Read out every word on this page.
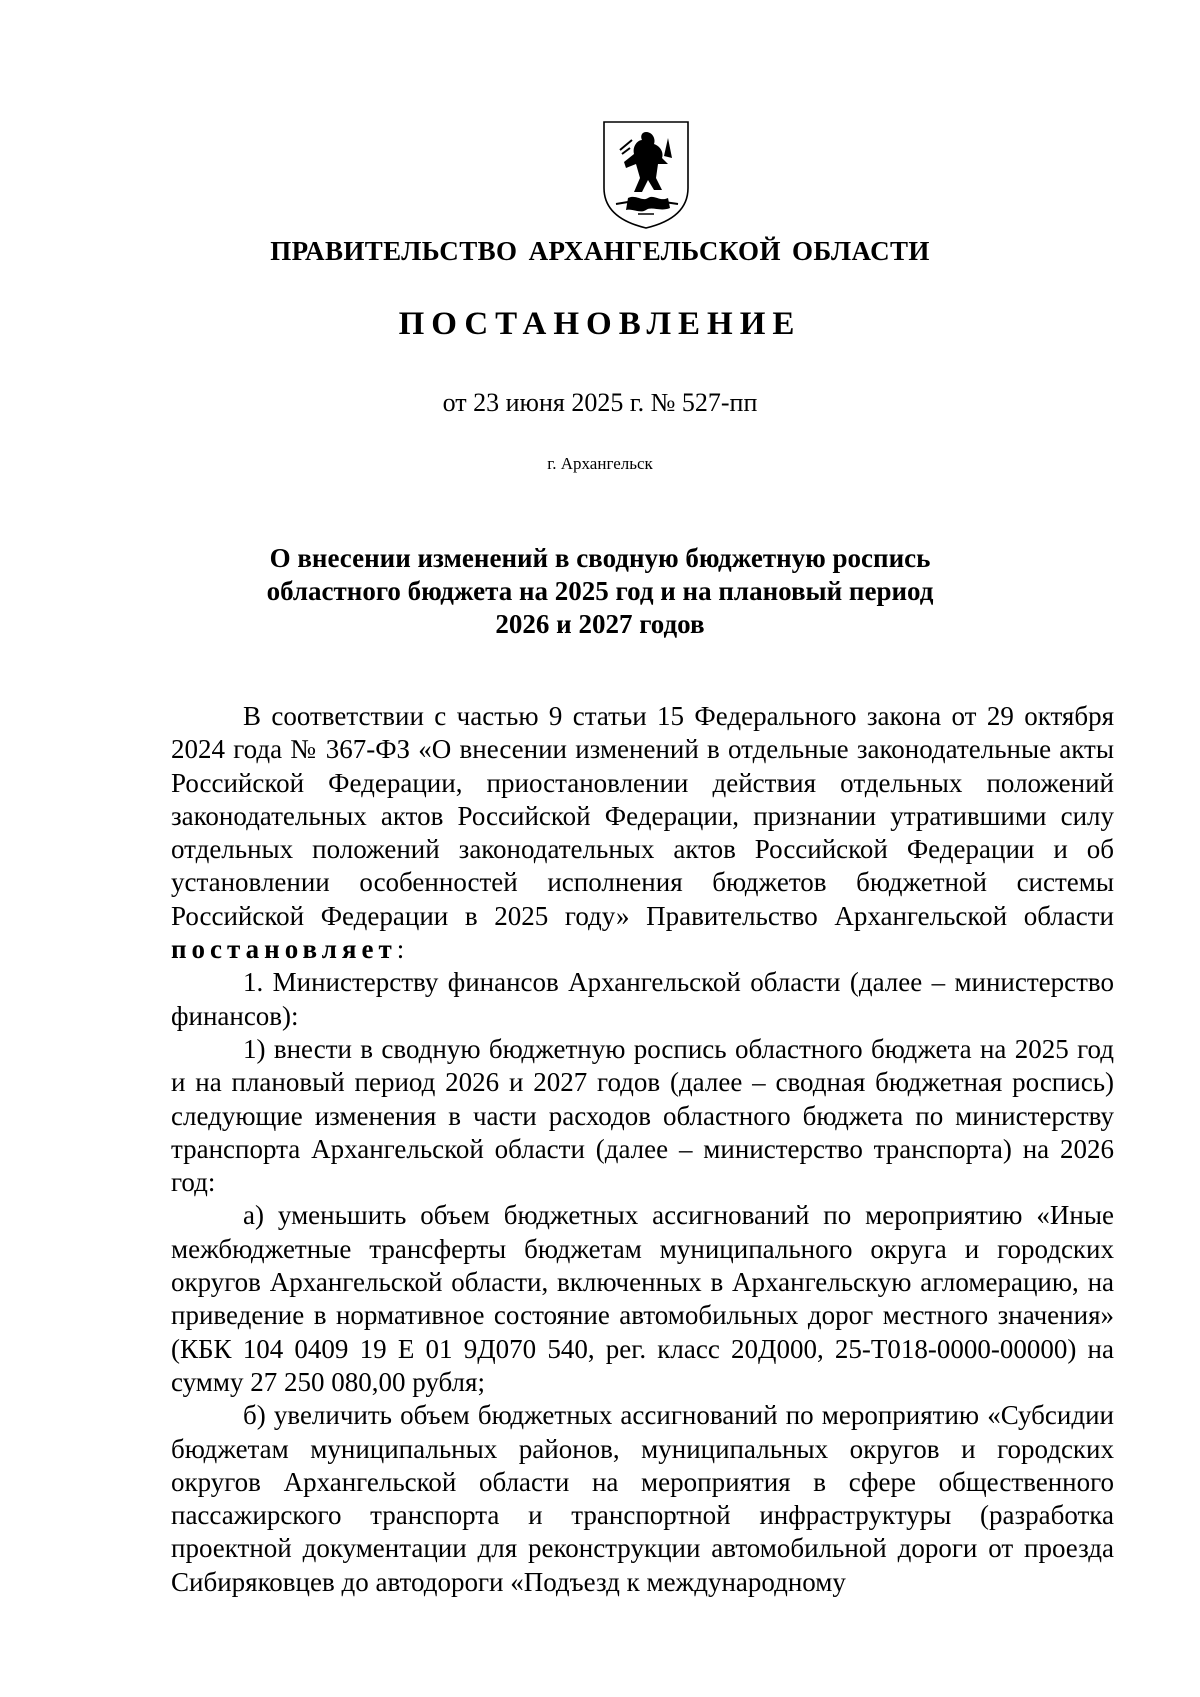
ПРАВИТЕЛЬСТВО АРХАНГЕЛЬСКОЙ ОБЛАСТИ
ПОСТАНОВЛЕНИЕ
от 23 июня 2025 г. № 527-пп
г. Архангельск
О внесении изменений в сводную бюджетную роспись
областного бюджета на 2025 год и на плановый период
2026 и 2027 годов

В соответствии с частью 9 статьи 15 Федерального закона от 29 октября 2024 года № 367-ФЗ «О внесении изменений в отдельные законодательные акты Российской Федерации, приостановлении действия отдельных положений законодательных актов Российской Федерации, признании утратившими силу отдельных положений законодательных актов Российской Федерации и об установлении особенностей исполнения бюджетов бюджетной системы Российской Федерации в 2025 году» Правительство Архангельской области постановляет:

1. Министерству финансов Архангельской области (далее – министерство финансов):

1) внести в сводную бюджетную роспись областного бюджета на 2025 год и на плановый период 2026 и 2027 годов (далее – сводная бюджетная роспись) следующие изменения в части расходов областного бюджета по министерству транспорта Архангельской области (далее – министерство транспорта) на 2026 год:

а) уменьшить объем бюджетных ассигнований по мероприятию «Иные межбюджетные трансферты бюджетам муниципального округа и городских округов Архангельской области, включенных в Архангельскую агломерацию, на приведение в нормативное состояние автомобильных дорог местного значения» (КБК 104 0409 19 Е 01 9Д070 540, рег. класс 20Д000, 25-Т018-0000-00000) на сумму 27 250 080,00 рубля;

б) увеличить объем бюджетных ассигнований по мероприятию «Субсидии бюджетам муниципальных районов, муниципальных округов и городских округов Архангельской области на мероприятия в сфере общественного пассажирского транспорта и транспортной инфраструктуры (разработка проектной документации для реконструкции автомобильной дороги от проезда Сибиряковцев до автодороги «Подъезд к международному
